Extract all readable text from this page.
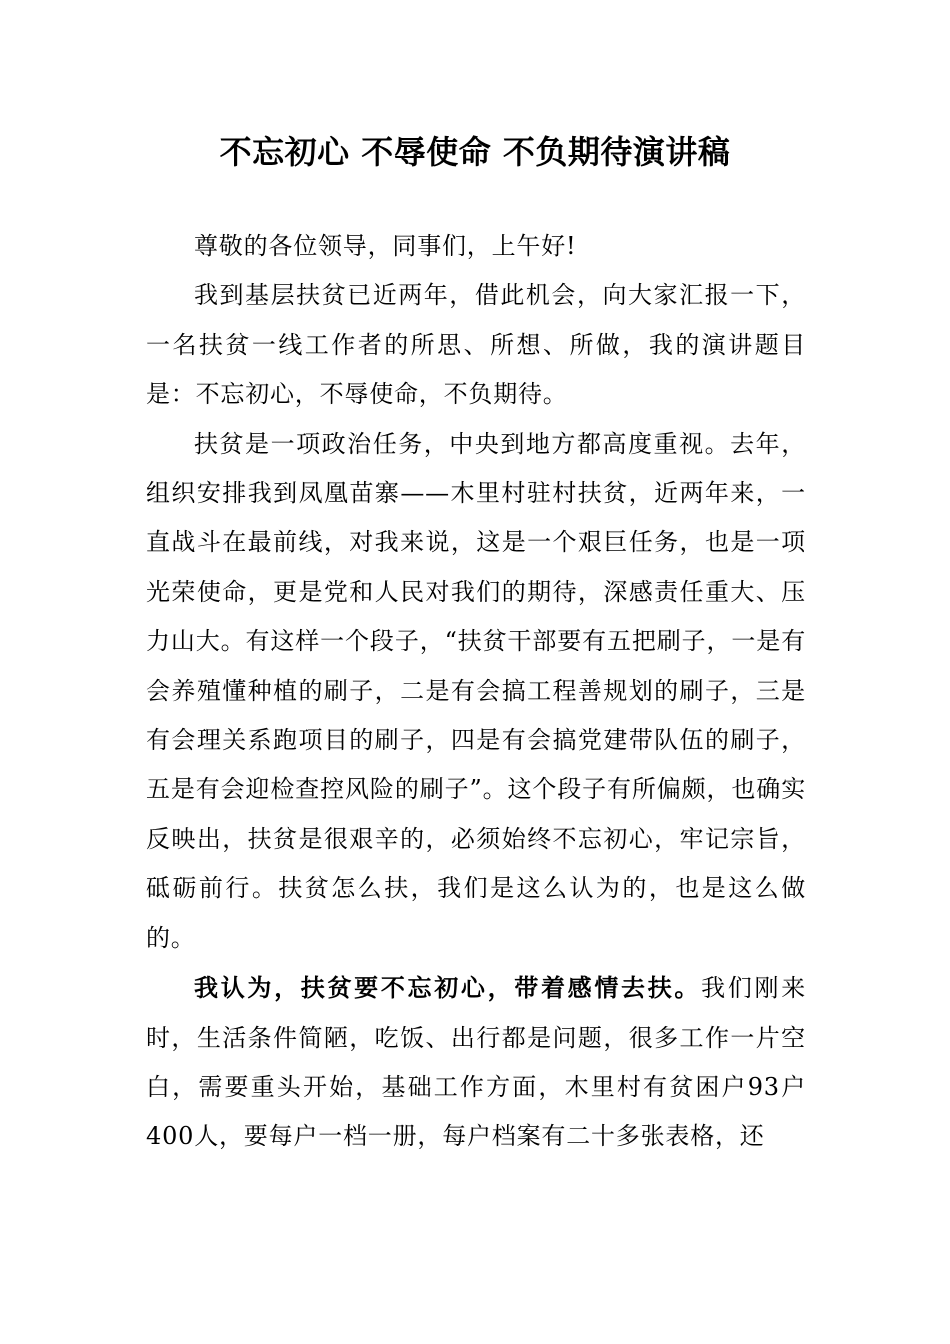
不忘初心 不辱使命 不负期待演讲稿

尊敬的各位领导，同事们，上午好!

我到基层扶贫已近两年，借此机会，向大家汇报一下，一名扶贫一线工作者的所思、所想、所做，我的演讲题目是：不忘初心，不辱使命，不负期待。

扶贫是一项政治任务，中央到地方都高度重视。去年，组织安排我到凤凰苗寨——木里村驻村扶贫，近两年来，一直战斗在最前线，对我来说，这是一个艰巨任务，也是一项光荣使命，更是党和人民对我们的期待，深感责任重大、压力山大。有这样一个段子，“扶贫干部要有五把刷子，一是有会养殖懂种植的刷子，二是有会搞工程善规划的刷子，三是有会理关系跑项目的刷子，四是有会搞党建带队伍的刷子，五是有会迎检查控风险的刷子”。这个段子有所偏颇，也确实反映出，扶贫是很艰辛的，必须始终不忘初心，牢记宗旨，砥砺前行。扶贫怎么扶，我们是这么认为的，也是这么做的。

我认为，扶贫要不忘初心，带着感情去扶。我们刚来时，生活条件简陋，吃饭、出行都是问题，很多工作一片空白，需要重头开始，基础工作方面，木里村有贫困户93户400人，要每户一档一册，每户档案有二十多张表格，还
